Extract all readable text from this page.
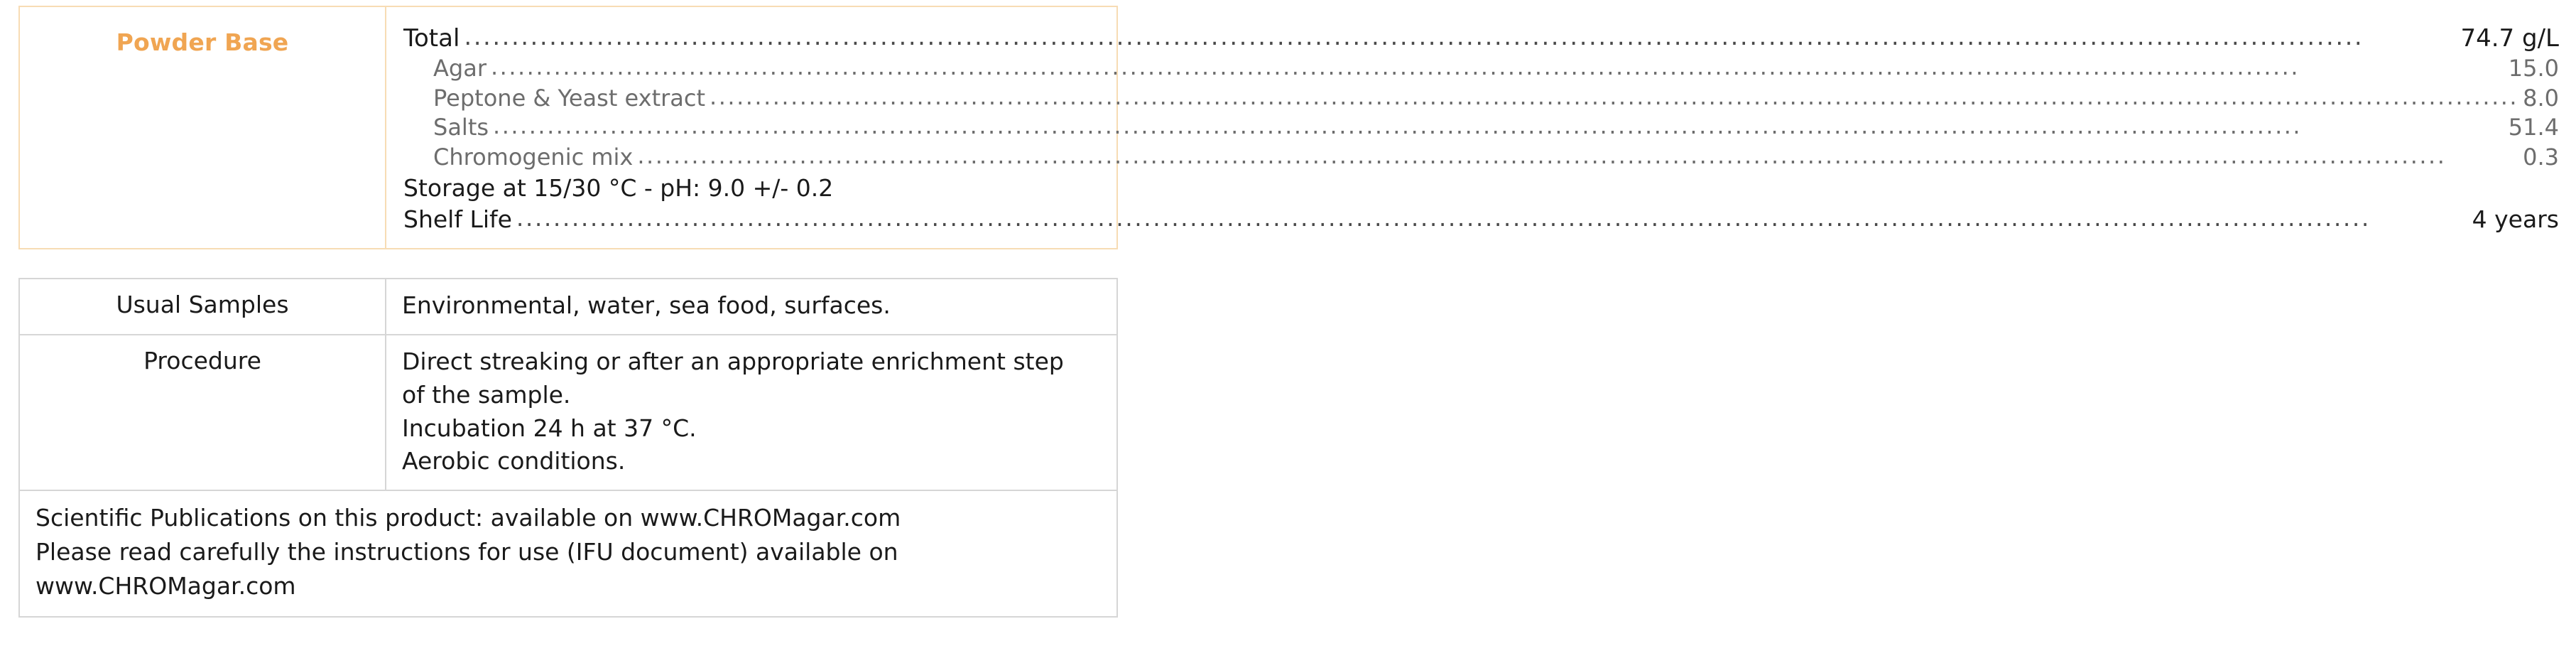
Powder Base	Total .....	74.7 g/L
Agar .....	15.0
Peptone & Yeast extract .....	8.0
Salts .....	51.4
Chromogenic mix .....	0.3
Storage at 15/30 °C - pH: 9.0 +/- 0.2
Shelf Life .....	4 years
Usual Samples	Environmental, water, sea food, surfaces.
Procedure	Direct streaking or after an appropriate enrichment step
of the sample.
Incubation 24 h at 37 °C.
Aerobic conditions.
Scientific Publications on this product: available on www.CHROMagar.com
Please read carefully the instructions for use (IFU document) available on
www.CHROMagar.com
